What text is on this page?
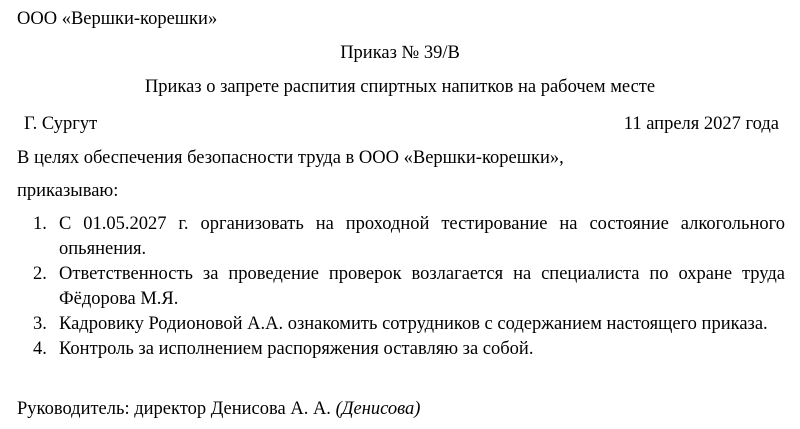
ООО «Вершки-корешки»
Приказ № 39/В
Приказ о запрете распития спиртных напитков на рабочем месте
Г. Сургут	11 апреля 2027 года
В целях обеспечения безопасности труда в ООО «Вершки-корешки»,
приказываю:
1. С 01.05.2027 г. организовать на проходной тестирование на состояние алкогольного опьянения.
2. Ответственность за проведение проверок возлагается на специалиста по охране труда Фёдорова М.Я.
3. Кадровику Родионовой А.А. ознакомить сотрудников с содержанием настоящего приказа.
4. Контроль за исполнением распоряжения оставляю за собой.
Руководитель: директор Денисова А. А. (Денисова)
